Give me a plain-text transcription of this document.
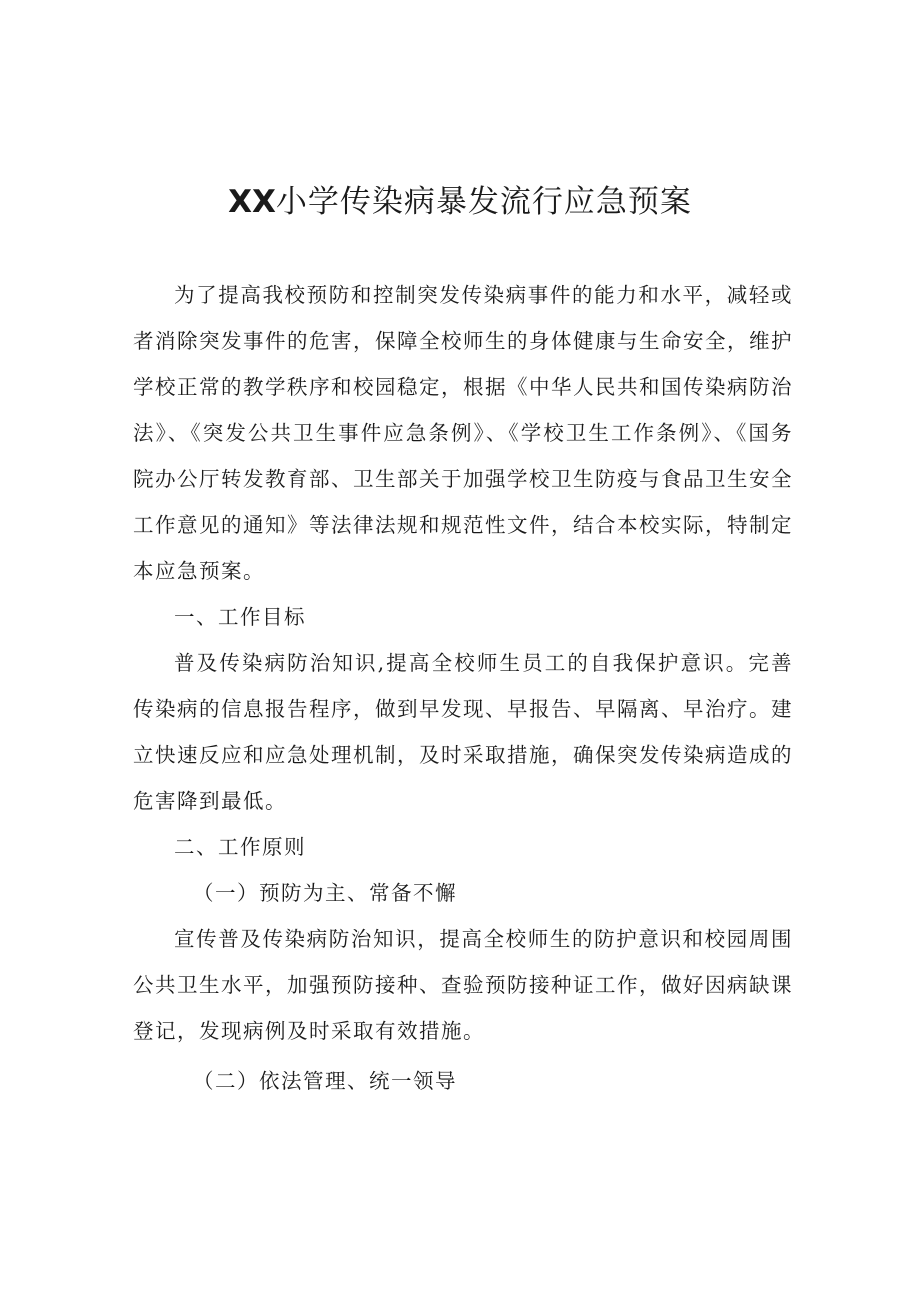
XX小学传染病暴发流行应急预案

为了提高我校预防和控制突发传染病事件的能力和水平，减轻或者消除突发事件的危害，保障全校师生的身体健康与生命安全，维护学校正常的教学秩序和校园稳定，根据《中华人民共和国传染病防治法》、《突发公共卫生事件应急条例》、《学校卫生工作条例》、《国务院办公厅转发教育部、卫生部关于加强学校卫生防疫与食品卫生安全工作意见的通知》等法律法规和规范性文件，结合本校实际，特制定本应急预案。

一、工作目标

普及传染病防治知识,提高全校师生员工的自我保护意识。完善传染病的信息报告程序，做到早发现、早报告、早隔离、早治疗。建立快速反应和应急处理机制，及时采取措施，确保突发传染病造成的危害降到最低。

二、工作原则

（一）预防为主、常备不懈

宣传普及传染病防治知识，提高全校师生的防护意识和校园周围公共卫生水平，加强预防接种、查验预防接种证工作，做好因病缺课登记，发现病例及时采取有效措施。

（二）依法管理、统一领导
